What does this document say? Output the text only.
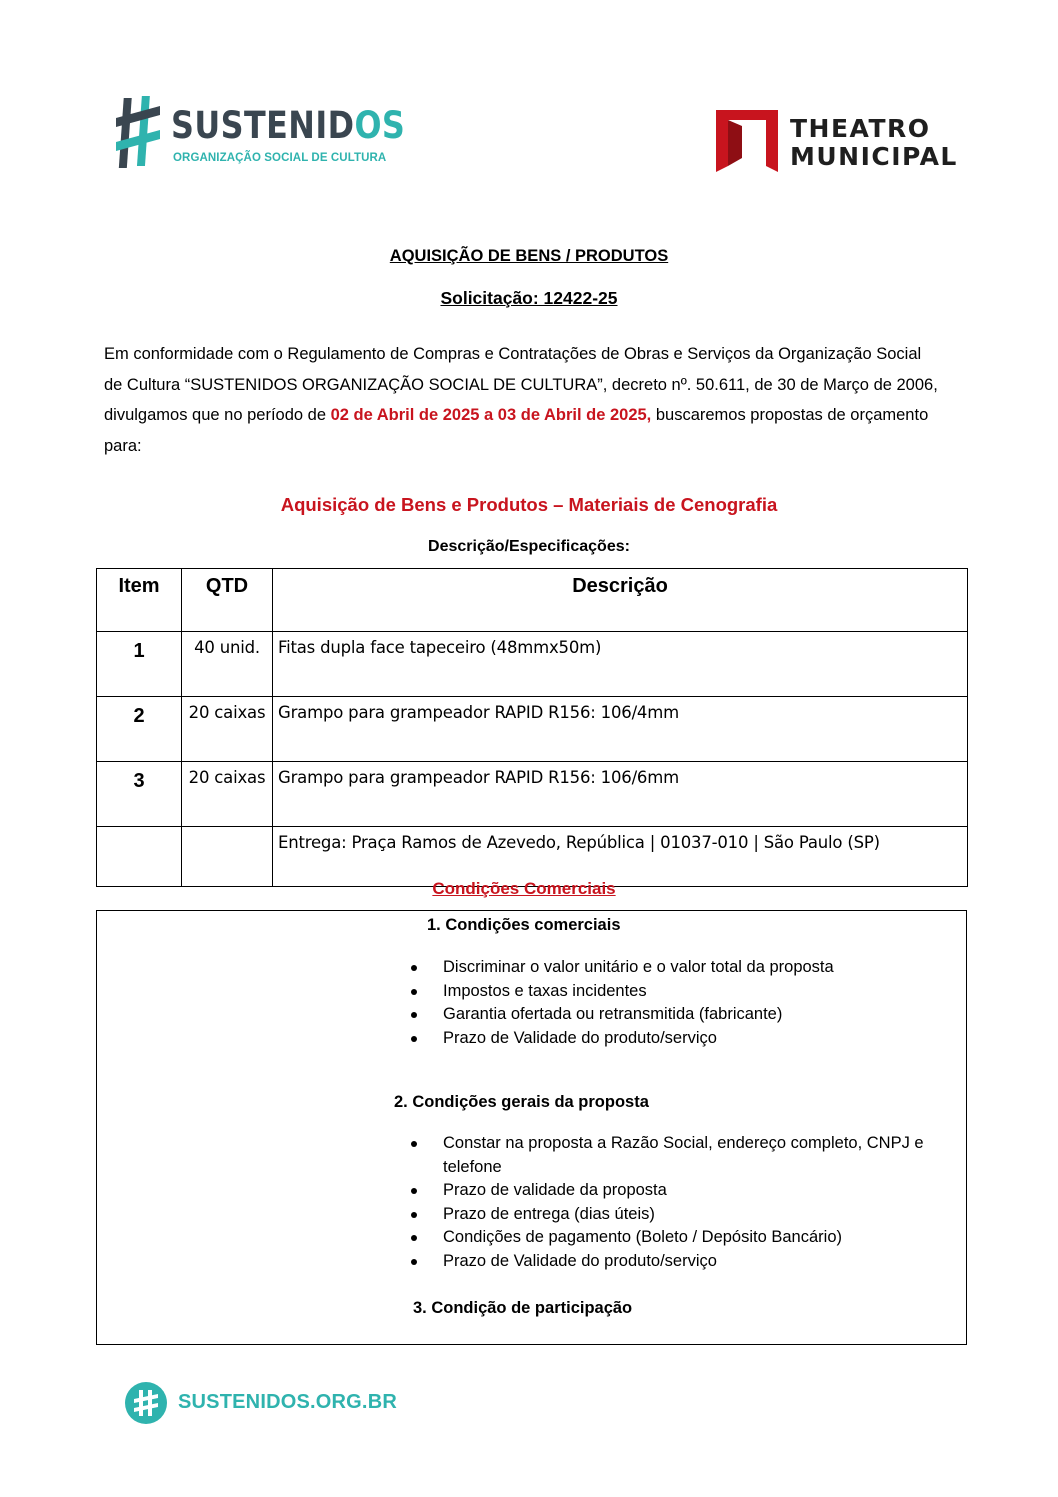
SUSTENIDOS
ORGANIZAÇÃO SOCIAL DE CULTURA
THEATRO
MUNICIPAL
AQUISIÇÃO DE BENS / PRODUTOS
Solicitação: 12422-25
Em conformidade com o Regulamento de Compras e Contratações de Obras e Serviços da Organização Social de Cultura “SUSTENIDOS ORGANIZAÇÃO SOCIAL DE CULTURA”, decreto nº. 50.611, de 30 de Março de 2006, divulgamos que no período de 02 de Abril de 2025 a 03 de Abril de 2025, buscaremos propostas de orçamento para:
Aquisição de Bens e Produtos – Materiais de Cenografia
Descrição/Especificações:
Item	QTD	Descrição
1	40 unid.	Fitas dupla face tapeceiro (48mmx50m)
2	20 caixas	Grampo para grampeador RAPID R156: 106/4mm
3	20 caixas	Grampo para grampeador RAPID R156: 106/6mm
		Entrega: Praça Ramos de Azevedo, República | 01037-010 | São Paulo (SP)
Condições Comerciais
1. Condições comerciais
Discriminar o valor unitário e o valor total da proposta
Impostos e taxas incidentes
Garantia ofertada ou retransmitida (fabricante)
Prazo de Validade do produto/serviço
2. Condições gerais da proposta
Constar na proposta a Razão Social, endereço completo, CNPJ e telefone
Prazo de validade da proposta
Prazo de entrega (dias úteis)
Condições de pagamento (Boleto / Depósito Bancário)
Prazo de Validade do produto/serviço
3. Condição de participação
SUSTENIDOS.ORG.BR
